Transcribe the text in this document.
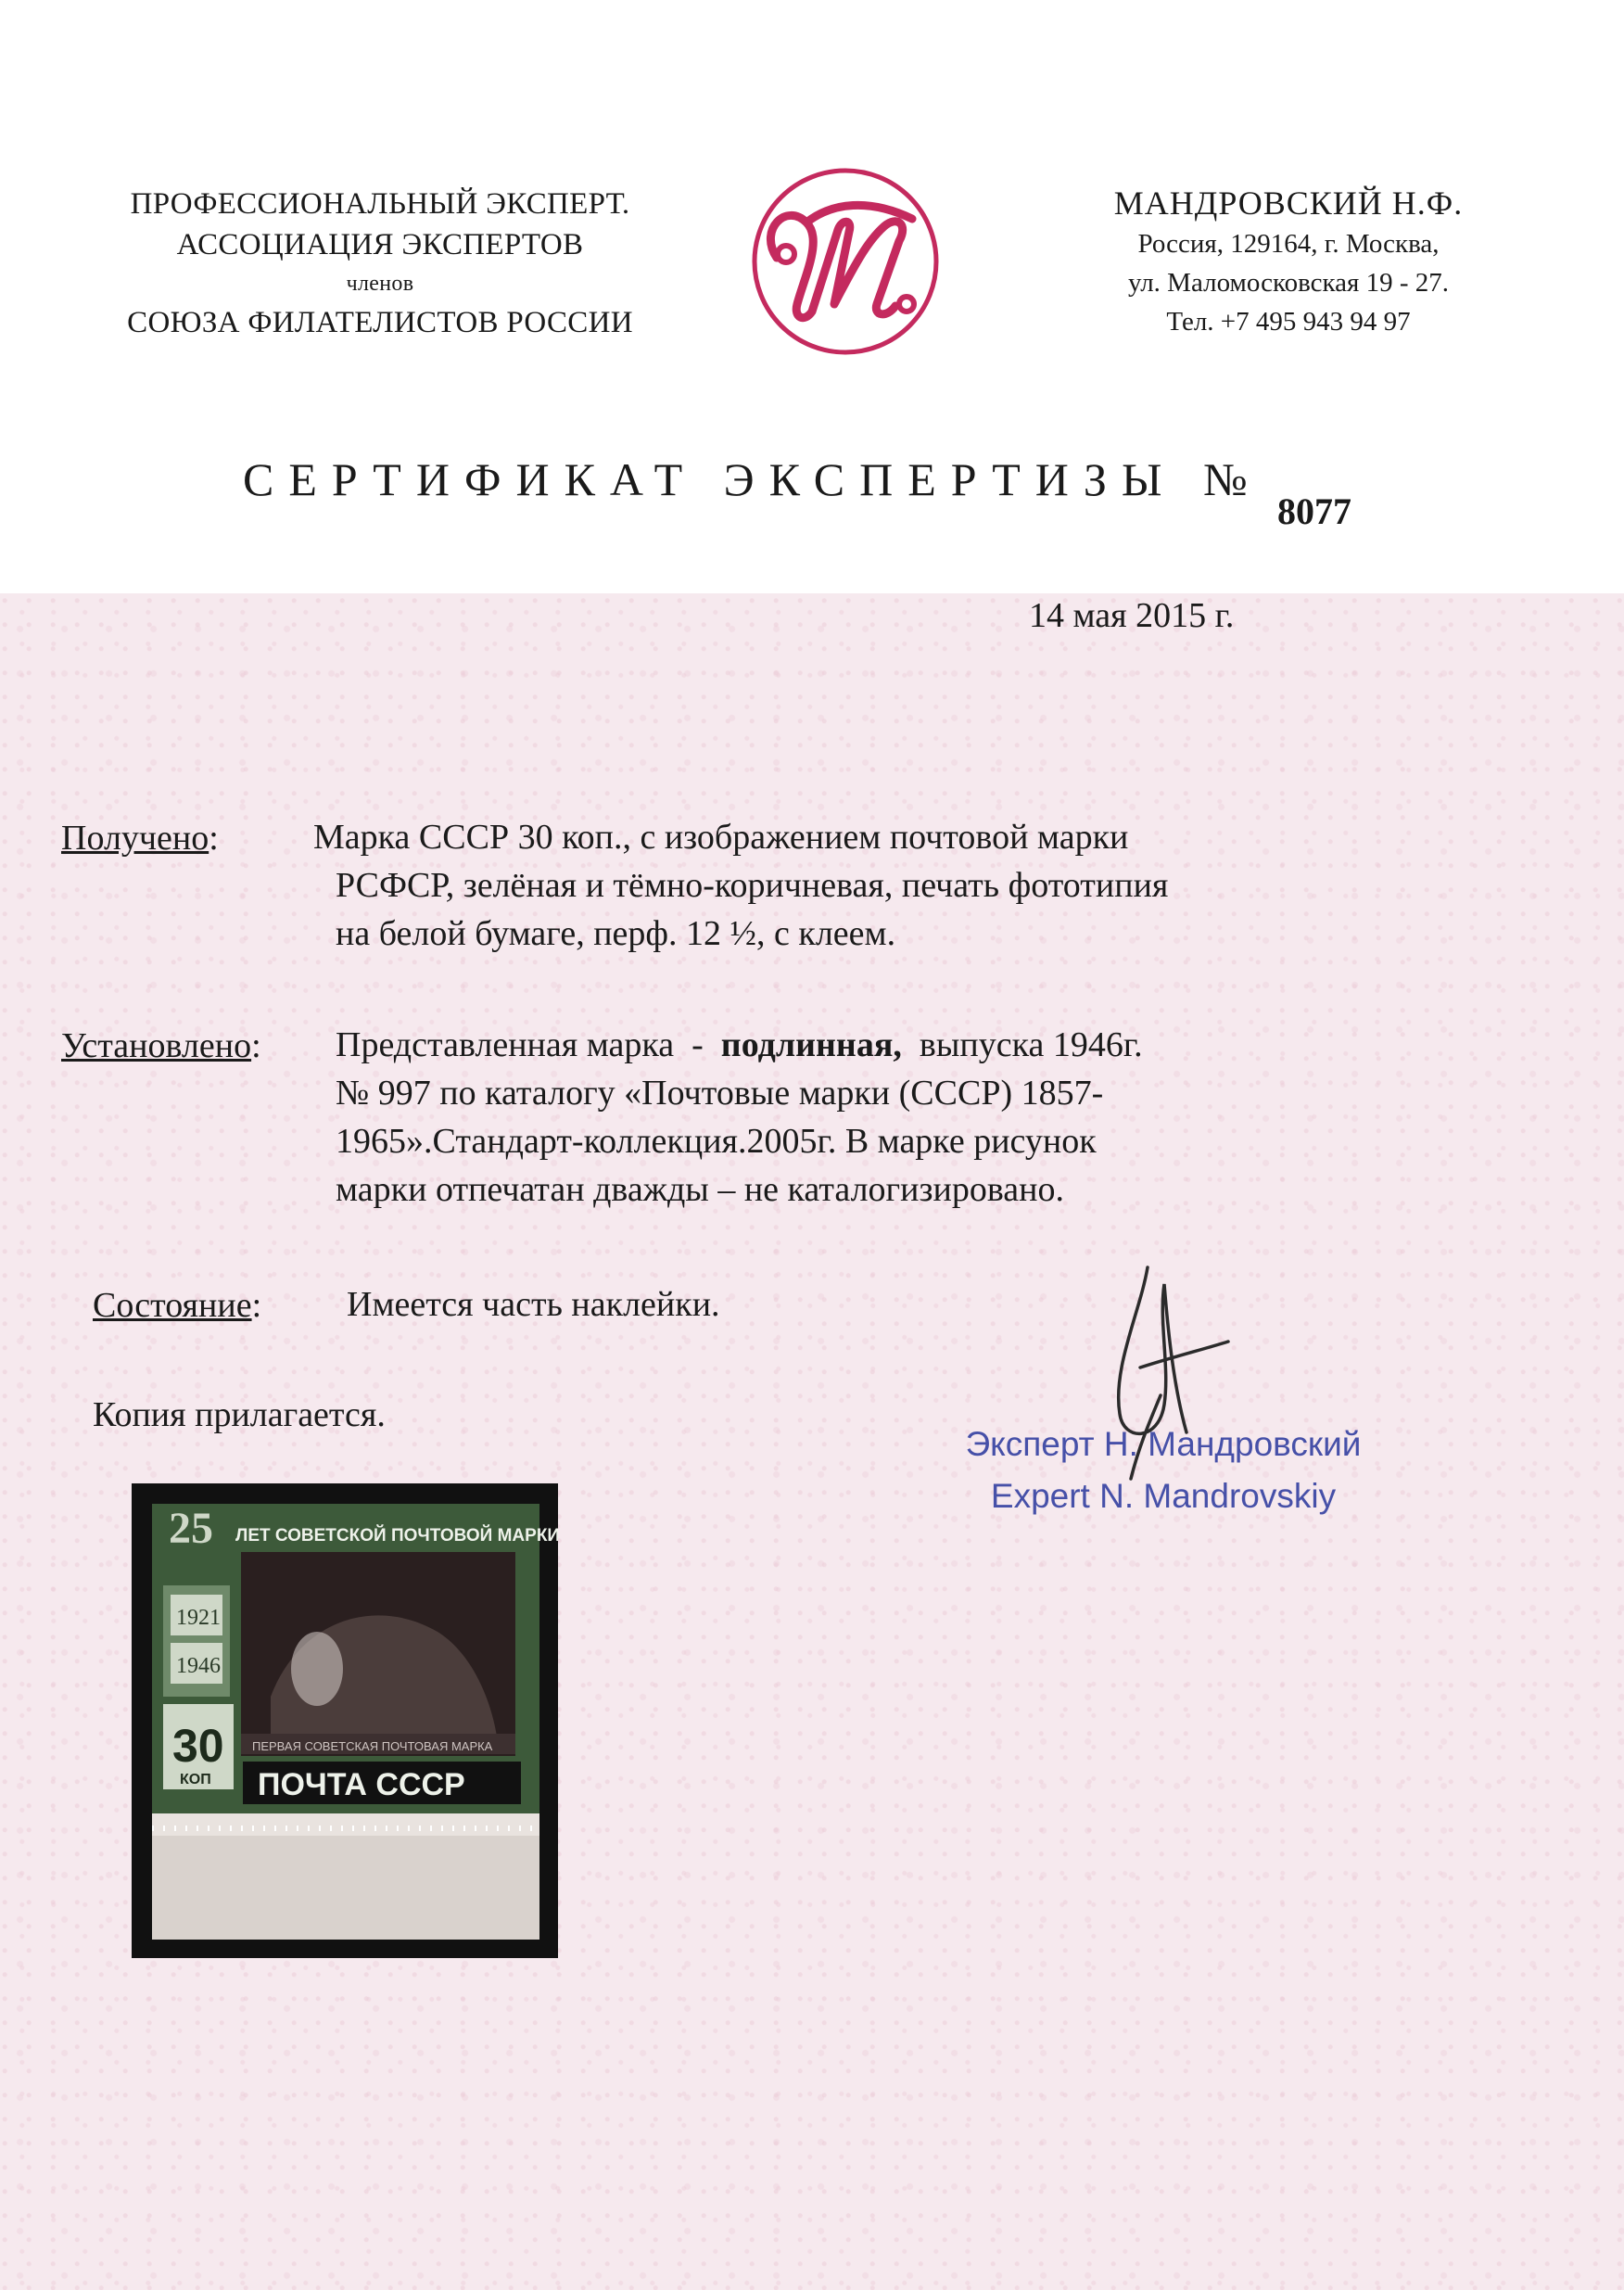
ПРОФЕССИОНАЛЬНЫЙ ЭКСПЕРТ.
АССОЦИАЦИЯ ЭКСПЕРТОВ
членов
СОЮЗА ФИЛАТЕЛИСТОВ РОССИИ
МАНДРОВСКИЙ Н.Ф.
Россия, 129164, г. Москва,
ул. Маломосковская 19 - 27.
Тел. +7 495 943 94 97
СЕРТИФИКАТ ЭКСПЕРТИЗЫ №
8077
14 мая 2015 г.
Получено:	Марка СССР 30 коп., с изображением почтовой марки
РСФСР, зелёная и тёмно-коричневая, печать фототипия
на белой бумаге, перф. 12 ½, с клеем.
Установлено: Представленная марка  -  подлинная,  выпуска 1946г.
№ 997 по каталогу «Почтовые марки (СССР) 1857-
1965».Стандарт-коллекция.2005г. В марке рисунок
марки отпечатан дважды – не каталогизировано.
Состояние: Имеется часть наклейки.
Копия прилагается.
Эксперт Н. Мандровский
Expert N. Mandrovskiy
25 ЛЕТ СОВЕТСКОЙ ПОЧТОВОЙ МАРКИ
1921
1946
ПЕРВАЯ СОВЕТСКАЯ ПОЧТОВАЯ МАРКА
30
КОП ПОЧТА СССР
